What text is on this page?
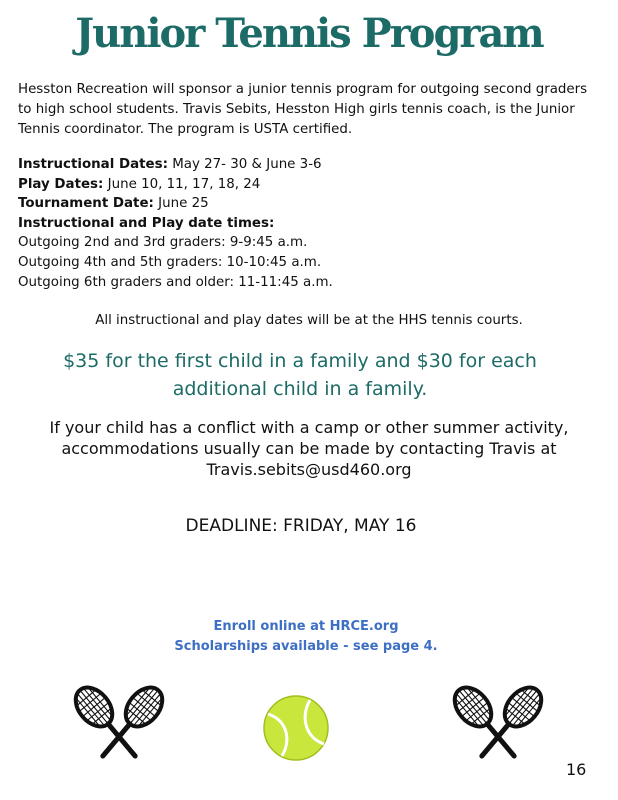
Junior Tennis Program

Hesston Recreation will sponsor a junior tennis program for outgoing second graders to high school students. Travis Sebits, Hesston High girls tennis coach, is the Junior Tennis coordinator. The program is USTA certified.

Instructional Dates: May 27- 30 & June 3-6
Play Dates: June 10, 11, 17, 18, 24
Tournament Date: June 25
Instructional and Play date times:
Outgoing 2nd and 3rd graders: 9-9:45 a.m.
Outgoing 4th and 5th graders: 10-10:45 a.m.
Outgoing 6th graders and older: 11-11:45 a.m.

All instructional and play dates will be at the HHS tennis courts.

$35 for the first child in a family and $30 for each additional child in a family.

If your child has a conflict with a camp or other summer activity,
accommodations usually can be made by contacting Travis at
Travis.sebits@usd460.org

DEADLINE: FRIDAY, MAY 16

Enroll online at HRCE.org
Scholarships available - see page 4.
16
